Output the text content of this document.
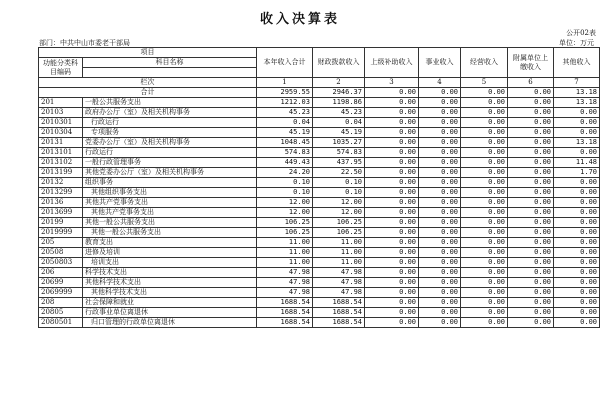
收入决算表
公开02表
部门：中共中山市委老干部局	单位：万元
项目		本年收入合计	财政拨款收入	上级补助收入	事业收入	经营收入	附属单位上缴收入	其他收入
功能分类科目编码	科目名称							

栏次		1	2	3	4	5	6	7
合计		2959.55	2946.37	0.00	0.00	0.00	0.00	13.18
201	一般公共服务支出	1212.03	1198.86	0.00	0.00	0.00	0.00	13.18
20103	政府办公厅（室）及相关机构事务	45.23	45.23	0.00	0.00	0.00	0.00	0.00
2010301	行政运行	0.04	0.04	0.00	0.00	0.00	0.00	0.00
2010304	专项服务	45.19	45.19	0.00	0.00	0.00	0.00	0.00
20131	党委办公厅（室）及相关机构事务	1048.45	1035.27	0.00	0.00	0.00	0.00	13.18
2013101	行政运行	574.83	574.83	0.00	0.00	0.00	0.00	0.00
2013102	一般行政管理事务	449.43	437.95	0.00	0.00	0.00	0.00	11.48
2013199	其他党委办公厅（室）及相关机构事务	24.20	22.50	0.00	0.00	0.00	0.00	1.70
20132	组织事务	0.10	0.10	0.00	0.00	0.00	0.00	0.00
2013299	其他组织事务支出	0.10	0.10	0.00	0.00	0.00	0.00	0.00
20136	其他共产党事务支出	12.00	12.00	0.00	0.00	0.00	0.00	0.00
2013699	其他共产党事务支出	12.00	12.00	0.00	0.00	0.00	0.00	0.00
20199	其他一般公共服务支出	106.25	106.25	0.00	0.00	0.00	0.00	0.00
2019999	其他一般公共服务支出	106.25	106.25	0.00	0.00	0.00	0.00	0.00
205	教育支出	11.00	11.00	0.00	0.00	0.00	0.00	0.00
20508	进修及培训	11.00	11.00	0.00	0.00	0.00	0.00	0.00
2050803	培训支出	11.00	11.00	0.00	0.00	0.00	0.00	0.00
206	科学技术支出	47.98	47.98	0.00	0.00	0.00	0.00	0.00
20699	其他科学技术支出	47.98	47.98	0.00	0.00	0.00	0.00	0.00
2069999	其他科学技术支出	47.98	47.98	0.00	0.00	0.00	0.00	0.00
208	社会保障和就业	1688.54	1688.54	0.00	0.00	0.00	0.00	0.00
20805	行政事业单位离退休	1688.54	1688.54	0.00	0.00	0.00	0.00	0.00
2080501	归口管理的行政单位离退休	1688.54	1688.54	0.00	0.00	0.00	0.00	0.00
